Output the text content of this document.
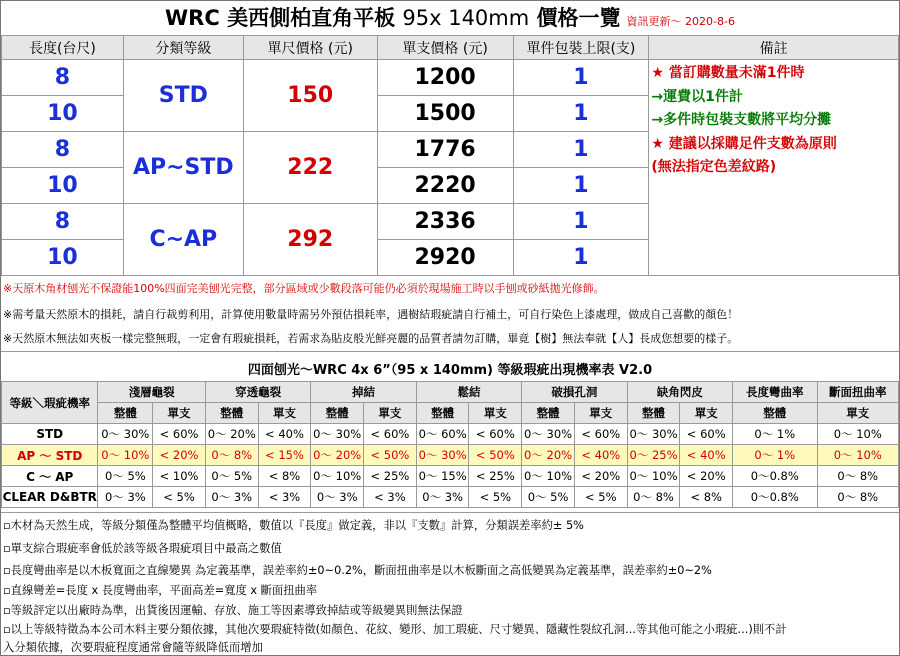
WRC 美西側柏直角平板 95x 140mm 價格一覽 資訊更新～ 2020-8-6
長度(台尺)	分類等級	單尺價格 (元)	單支價格 (元)	單件包裝上限(支)	備註
8	STD	150	1200	1	★ 當訂購數量未滿1件時
→運費以1件計
→多件時包裝支數將平均分攤
★ 建議以採購足件支數為原則
(無法指定色差紋路)

10			1500	1	
8	AP~STD	222	1776	1	
10			2220	1	
8	C~AP	292	2336	1	
10			2920	1	
※天原木角材刨光不保證能100%四面完美刨光完整，部分區域或少數段落可能仍必須於現場施工時以手刨或砂紙拋光修飾。
※需考量天然原木的損耗，請自行裁剪利用，計算使用數量時需另外預估損耗率，遇樹結瑕疵請自行補土，可自行染色上漆處理，做成自己喜歡的顏色！
※天然原木無法如夾板一樣完整無瑕，一定會有瑕疵損耗，若需求為貼皮般光鮮亮麗的品質者請勿訂購，畢竟【樹】無法奉就【人】長成您想要的樣子。
四面刨光～WRC 4x 6”（95 x 140mm) 等級瑕疵出現機率表 V2.0
等級＼瑕疵機率	淺層龜裂		穿透龜裂		掉結		鬆結		破損孔洞		缺角閃皮		長度彎曲率	斷面扭曲率
	整體	單支	整體	單支	整體	單支	整體	單支	整體	單支	整體	單支	整體	單支
STD	0～ 30%	< 60%	0～ 20%	< 40%	0～ 30%	< 60%	0～ 60%	< 60%	0～ 30%	< 60%	0～ 30%	< 60%	0～ 1%	0～ 10%
AP ～ STD	0～ 10%	< 20%	0～ 8%	< 15%	0～ 20%	< 50%	0～ 30%	< 50%	0～ 20%	< 40%	0～ 25%	< 40%	0～ 1%	0～ 10%
C ～ AP	0～ 5%	< 10%	0～ 5%	< 8%	0～ 10%	< 25%	0～ 15%	< 25%	0～ 10%	< 20%	0～ 10%	< 20%	0～0.8%	0～ 8%
CLEAR D&BTR	0～ 3%	< 5%	0～ 3%	< 3%	0～ 3%	< 3%	0～ 3%	< 5%	0～ 5%	< 5%	0～ 8%	< 8%	0～0.8%	0～ 8%
▫木材為天然生成，等級分類僅為整體平均值概略，數值以『長度』做定義，非以『支數』計算，分類誤差率約± 5%
▫單支綜合瑕疵率會低於該等級各瑕疵項目中最高之數值
▫長度彎曲率是以木板寬面之直線變異 為定義基準，誤差率約±0~0.2%，斷面扭曲率是以木板斷面之高低變異為定義基準，誤差率約±0~2%
▫直線彎差=長度 x 長度彎曲率，平面高差=寬度 x 斷面扭曲率
▫等級評定以出廠時為準，出貨後因運輸、存放、施工等因素導致掉結或等級變異則無法保證
▫以上等級特徵為本公司木料主要分類依據，其他次要瑕疵特徵(如顏色、花紋、變形、加工瑕疵、尺寸變異、隱藏性裂紋孔洞...等其他可能之小瑕疵...)則不計
入分類依據，次要瑕疵程度通常會隨等級降低而增加
